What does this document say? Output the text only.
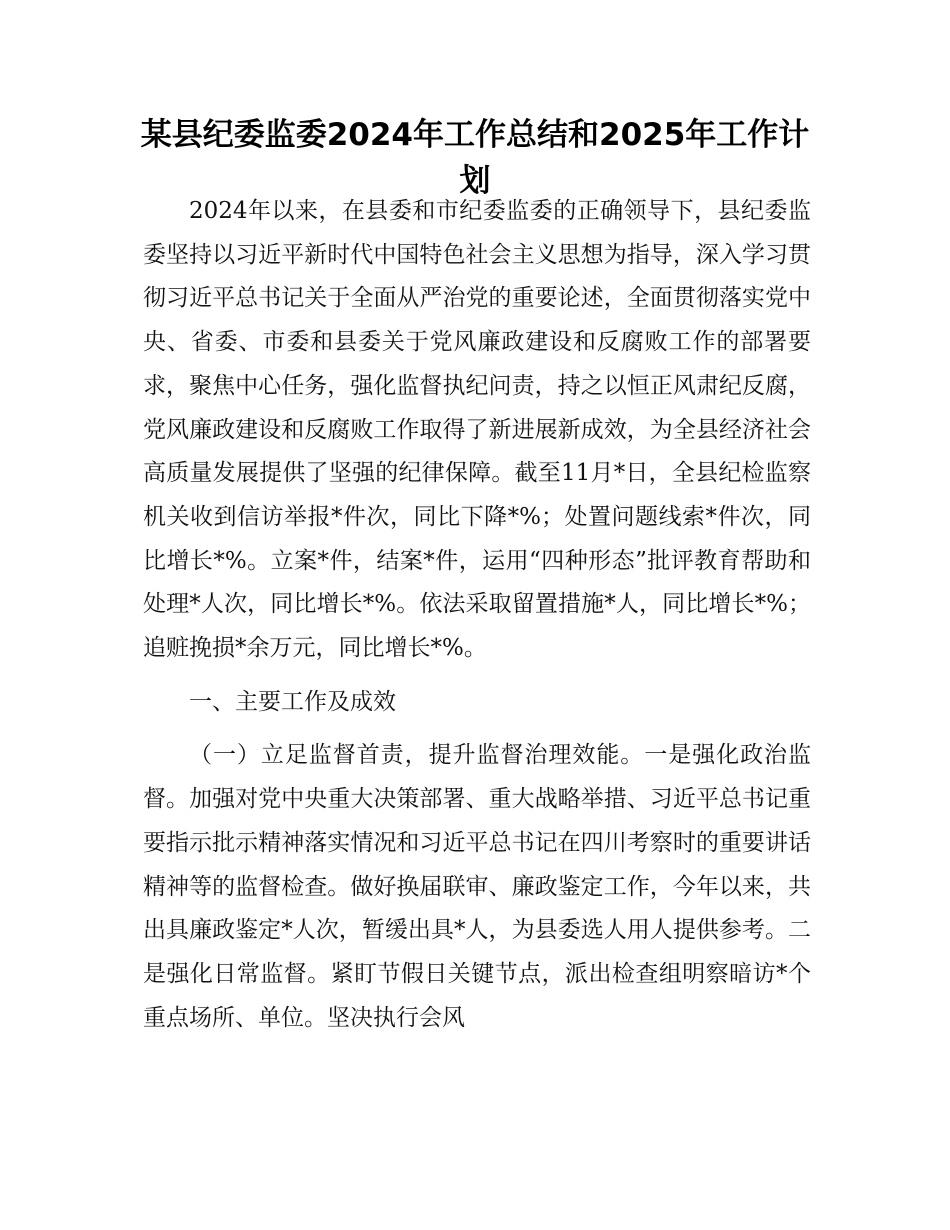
某县纪委监委2024年工作总结和2025年工作计划

2024年以来，在县委和市纪委监委的正确领导下，县纪委监委坚持以习近平新时代中国特色社会主义思想为指导，深入学习贯彻习近平总书记关于全面从严治党的重要论述，全面贯彻落实党中央、省委、市委和县委关于党风廉政建设和反腐败工作的部署要求，聚焦中心任务，强化监督执纪问责，持之以恒正风肃纪反腐，党风廉政建设和反腐败工作取得了新进展新成效，为全县经济社会高质量发展提供了坚强的纪律保障。截至11月*日，全县纪检监察机关收到信访举报*件次，同比下降*%；处置问题线索*件次，同比增长*%。立案*件，结案*件，运用“四种形态”批评教育帮助和处理*人次，同比增长*%。依法采取留置措施*人，同比增长*%；追赃挽损*余万元，同比增长*%。

一、主要工作及成效

（一）立足监督首责，提升监督治理效能。一是强化政治监督。加强对党中央重大决策部署、重大战略举措、习近平总书记重要指示批示精神落实情况和习近平总书记在四川考察时的重要讲话精神等的监督检查。做好换届联审、廉政鉴定工作，今年以来，共出具廉政鉴定*人次，暂缓出具*人，为县委选人用人提供参考。二是强化日常监督。紧盯节假日关键节点，派出检查组明察暗访*个重点场所、单位。坚决执行会风
